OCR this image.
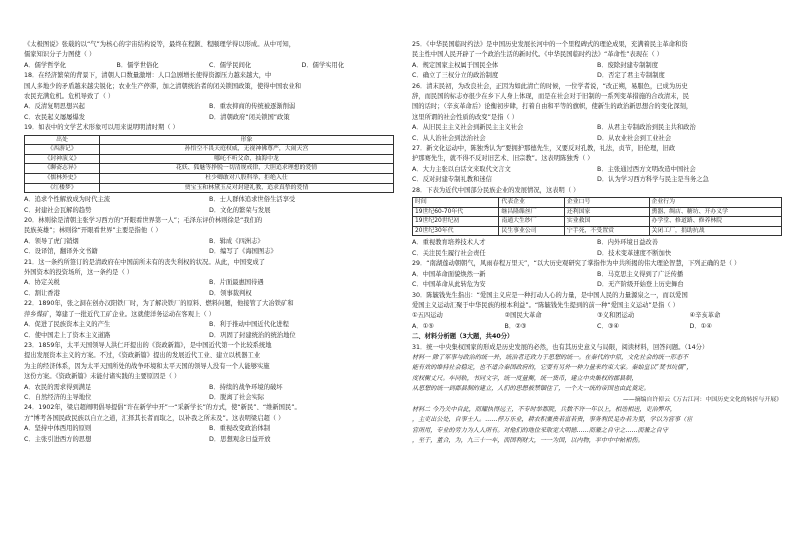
《太极图说》张载的以“气”为核心的宇宙结构说等，最终在程颢、程颐理学得以形成。从中可知，
儒家知识分子力图使（ ）
A．儒学哲学化	B．儒学世俗化	C．儒学民间化	D．儒学实用化
18．在经济繁荣的背景下，清朝人口数量激增：人口急剧增长使得资源压力越来越大，中
国人多地少的矛盾越来越尖锐化；农业生产停滞，加之清朝统治者的闭关锁国政策，使得中国农业和
农民充满危机。危机导致了（ ）
A．反清复明思想兴起	B．重农抑商的传统被逐渐削弱
C．农民起义屡屡爆发	D．清朝政府“闭关锁国”政策
19．如表中的文学艺术形象可以用来说明明清时期（ ）
出处	形象
《西游记》	孙悟空不畏天庭权威，无视神佛尊严，大闹天宫
《封神演义》	哪吒不听父命，抽海中龙
《聊斋志异》	花妖、狐魅等挣脱一切清规戒律，大胆追求理想的爱情
《儒林外史》	杜少卿敢对八股科举，拒绝入仕
《红楼梦》	贾宝玉和林黛玉反对封建礼教，追求真挚的爱情
A．追求个性解放成为时代主流	B．士人群体追求世俗生活享受
C．封建社会瓦解的趋势	D．文化的繁荣与发展
20．林则徐是清朝主张学习西方的“开眼看世界第一人”；毛泽东评价林则徐是“我们的
民族英雄”；林则徐“开眼看世界”主要是指他（ ）
A．领导了虎门销烟	B．辑成《四洲志》
C．设译馆，翻译外文书籍	D．编写了《海国图志》
21．这一条约所签订的是清政府在中国前所未有的丧失利权的状况。从此，中国变成了
外国资本的投资场所，这一条约是（ ）
A．协定关税	B．片面最惠国待遇
C．割让香港	D．领事裁判权
22．1890年，张之洞在创办汉阳铁厂时，为了解决铁厂的原料、燃料问题，他接管了大冶铁矿和
萍乡煤矿，筹建了一批近代工矿企业。这就使洋务运动在客观上（ ）
A．促进了民族资本主义的产生	B．利于推动中国近代化进程
C．使中国走上了资本主义道路	D．巩固了封建统治的统治地位
23．1859年，太平天国领导人洪仁玕提出的《资政新篇》，是中国近代第一个比较系统地
提出发展资本主义的方案。不过，《资政新篇》提出的发展近代工业、建立以机器工业
为主的经济体系，因为太平天国所处的战争环境和太平天国的领导人没有一个人能够实施
这份方案。《资政新篇》未能付诸实践的主要原因是（ ）
A．农民的需求得到满足	B．持续的战争环境的破坏
C．自然经济的主导地位	D．脱离了社会实际
24．1902年，梁启超阐明倡导提倡“许在新学中开”一“采新学长”的方式，使“新民”、“维新国民”。
方“博考各国民政民族以自立之道，汇择其长者而取之，以补我之所未及”。这表明梁启超（ ）
A．坚持中体西用的原则	B．重视改变政治体制
C．主张引进西方的思想	D．思想观念日益开放
25．《中华民国临时约法》是中国历史发展长河中的一个里程碑式的理论成果，充满着民主革命和资
民主性中国人民开辟了一个政治生活的新时代。《中华民国临时约法》“革命性”表现在（ ）
A．规定国家主权属于国民全体	B．废除封建专制制度
C．确立了三权分立的政治制度	D．否定了君主专制制度
26．清末民初，为改良社会，正因为如此清亡的时候，一位学者说，“改正朔，易服色，已成为历史
辞，而民国的标志亦很少在乡下人身上体现，而是在社会对于旧制的一系列变革措施的合改清末，民
国的话时；（辛亥革命后）论衡初步肆，打着自由和平等的旗帜，使新生的政治新思想合的变化深刻，
这里所谓的社会性质的改变”是指（ ）
A．从旧民主主义社会到新民主主义社会	B．从君主专制政治到民主共和政治
C．从人治社会到法治社会	D．从农业社会到工业社会
27．新文化运动中，陈独秀认为“要拥护那德先生，又要反对孔教，礼法，贞节，旧伦理，旧政
护那赛先生，就不得不反对旧艺术、旧宗教”。这表明陈独秀（ ）
A．大力主张以白话文来取代文言文	B．主张通过西方文明改造中国社会
C．反对封建专制礼教和迷信	D．认为学习西方科学与民主是当务之急
28．下表为近代中国部分民族企业的发展情况，这表明（ ）
时间	代表企业	企业口号	企业行为
19世纪60-70年代	继昌隆缫丝厂	还利国家	熏器、绸店、糖坊、开办义学
19世纪20世纪初	南通大生纱厂	实业救国	办学堂、修道路、修养林院
20世纪30年代	民生事业公司	宁手死，不受置赏	关闭工厂，捐助抗战
A．重视教育培养技术人才	B．内外环境日益改善
C．关注民生履行社会责任	D．技术变革速度不断加快
29．“南湖莲动朝朝气，风雨春程万里天”，“以大历史观研究了掌指作为中共所揭的伟大理论智慧，下列正确的是（ ）
A．中国革命面貌焕然一新	B．马克思主义得到了广泛传播
C．中国革命从此转危为安	D．无产阶级开始登上历史舞台
30．陈毓钱先生指出：“爱国主义应是一种打动人心的力量，是中国人民的力量源泉之一，而以爱国
爱国主义运动汇聚于中华民族的根本利益”。“陈毓钱先生提到的前一种“爱国主义运动”是指（ ）
①五四运动	②国民大革命	③义和团运动	④辛亥革命
A．①⑤	B．②③	C．③④	D．①④
二、材料分析题（3大题，共40分）
31．统一中央集权国家的形成是历史发展的必然，也有其历史意义与局限，阅读材料，回答问题。（14分）
材料一 除了军事与政治的统一外，统治者还致力于思想的统一。在秦代的中原，文化社会的统一形态不
能有效的维持社会稳定，也不适合秦国政府的，它要有另外一种力量来约束大家。秦始皇以“焚书坑儒”，
度权衡丈尺。车同轨，书同文字，统一度量衡，统一货币，建立中央集权的郡县制，
从思想的统一到郡县制的建立，人们的思想被禁锢住了，一个大一统的帝国也由此奠定。
——摘编自许倬云《万古江河：中国历史文化的转折与开展》
材料二 今乃关中自此，而耀执得远王，不专时举都院，兵数不许一年以上，相迭相送，吏治弊坏，
，主吏出公处，自事士人。……停万乐业，耕农积粟贵若富若贵，事务利民足办若为要，学以为宫事（宦
官所用，专业的劳力为人人所有。对他们的地位采取宽大明德……而兼之自守之……而兼之自守
，至于，董合，为，九三十一车，而国利财大，一一为国，以内物，平中中中帖相伤。
